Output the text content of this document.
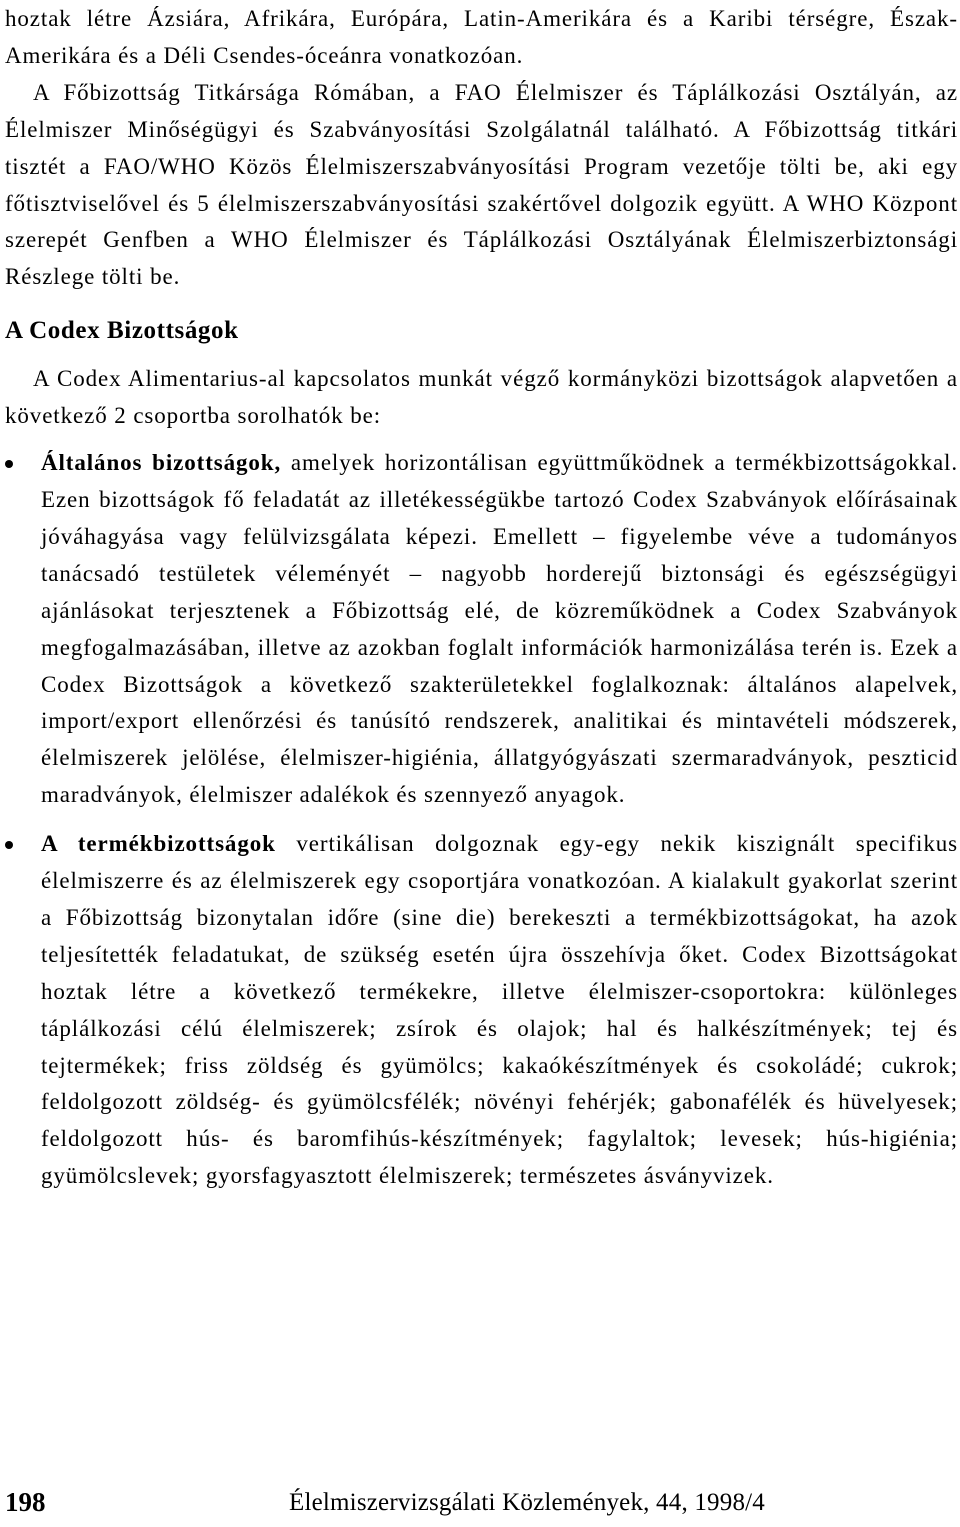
hoztak létre Ázsiára, Afrikára, Európára, Latin-Amerikára és a Karibi térségre, Észak-Amerikára és a Déli Csendes-óceánra vonatkozóan.

A Főbizottság Titkársága Rómában, a FAO Élelmiszer és Táplálkozási Osztályán, az Élelmiszer Minőségügyi és Szabványosítási Szolgálatnál található. A Főbizottság titkári tisztét a FAO/WHO Közös Élelmiszerszabványosítási Program vezetője tölti be, aki egy főtisztviselővel és 5 élelmiszerszabványosítási szakértővel dolgozik együtt. A WHO Központ szerepét Genfben a WHO Élelmiszer és Táplálkozási Osztályának Élelmiszerbiztonsági Részlege tölti be.

A Codex Bizottságok

A Codex Alimentarius-al kapcsolatos munkát végző kormányközi bizottságok alapvetően a következő 2 csoportba sorolhatók be:

Általános bizottságok, amelyek horizontálisan együttműködnek a termékbizottságokkal. Ezen bizottságok fő feladatát az illetékességükbe tartozó Codex Szabványok előírásainak jóváhagyása vagy felülvizsgálata képezi. Emellett – figyelembe véve a tudományos tanácsadó testületek véleményét – nagyobb horderejű biztonsági és egészségügyi ajánlásokat terjesztenek a Főbizottság elé, de közreműködnek a Codex Szabványok megfogalmazásában, illetve az azokban foglalt információk harmonizálása terén is. Ezek a Codex Bizottságok a következő szakterületekkel foglalkoznak: általános alapelvek, import/export ellenőrzési és tanúsító rendszerek, analitikai és mintavételi módszerek, élelmiszerek jelölése, élelmiszer-higiénia, állatgyógyászati szermaradványok, peszticid maradványok, élelmiszer adalékok és szennyező anyagok.
A termékbizottságok vertikálisan dolgoznak egy-egy nekik kiszignált specifikus élelmiszerre és az élelmiszerek egy csoportjára vonatkozóan. A kialakult gyakorlat szerint a Főbizottság bizonytalan időre (sine die) berekeszti a termékbizottságokat, ha azok teljesítették feladatukat, de szükség esetén újra összehívja őket. Codex Bizottságokat hoztak létre a következő termékekre, illetve élelmiszer-csoportokra: különleges táplálkozási célú élelmiszerek; zsírok és olajok; hal és halkészítmények; tej és tejtermékek; friss zöldség és gyümölcs; kakaókészítmények és csokoládé; cukrok; feldolgozott zöldség- és gyümölcsfélék; növényi fehérjék; gabonafélék és hüvelyesek; feldolgozott hús- és baromfihús-készítmények; fagylaltok; levesek; hús-higiénia; gyümölcslevek; gyorsfagyasztott élelmiszerek; természetes ásványvizek.
198	Élelmiszervizsgálati Közlemények, 44, 1998/4
